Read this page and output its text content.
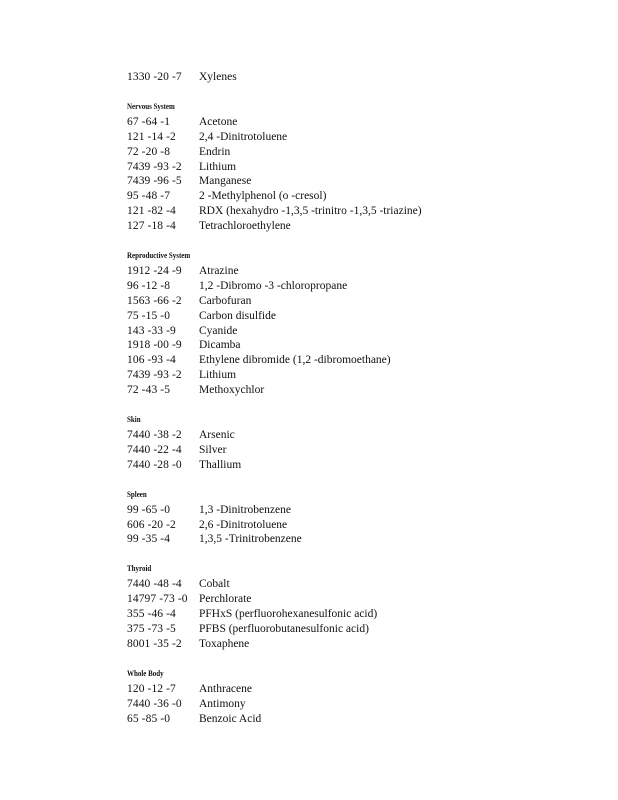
1330 -20 -7	Xylenes
Nervous System
67 -64 -1	Acetone
121 -14 -2	2,4 -Dinitrotoluene
72 -20 -8	Endrin
7439 -93 -2	Lithium
7439 -96 -5	Manganese
95 -48 -7	2 -Methylphenol (o -cresol)
121 -82 -4	RDX (hexahydro -1,3,5 -trinitro -1,3,5 -triazine)
127 -18 -4	Tetrachloroethylene
Reproductive System
1912 -24 -9	Atrazine
96 -12 -8	1,2 -Dibromo -3 -chloropropane
1563 -66 -2	Carbofuran
75 -15 -0	Carbon disulfide
143 -33 -9	Cyanide
1918 -00 -9	Dicamba
106 -93 -4	Ethylene dibromide (1,2 -dibromoethane)
7439 -93 -2	Lithium
72 -43 -5	Methoxychlor
Skin
7440 -38 -2	Arsenic
7440 -22 -4	Silver
7440 -28 -0	Thallium
Spleen
99 -65 -0	1,3 -Dinitrobenzene
606 -20 -2	2,6 -Dinitrotoluene
99 -35 -4	1,3,5 -Trinitrobenzene
Thyroid
7440 -48 -4	Cobalt
14797 -73 -0 Perchlorate
355 -46 -4	PFHxS (perfluorohexanesulfonic acid)
375 -73 -5	PFBS (perfluorobutanesulfonic acid)
8001 -35 -2	Toxaphene
Whole Body
120 -12 -7	Anthracene
7440 -36 -0	Antimony
65 -85 -0	Benzoic Acid
